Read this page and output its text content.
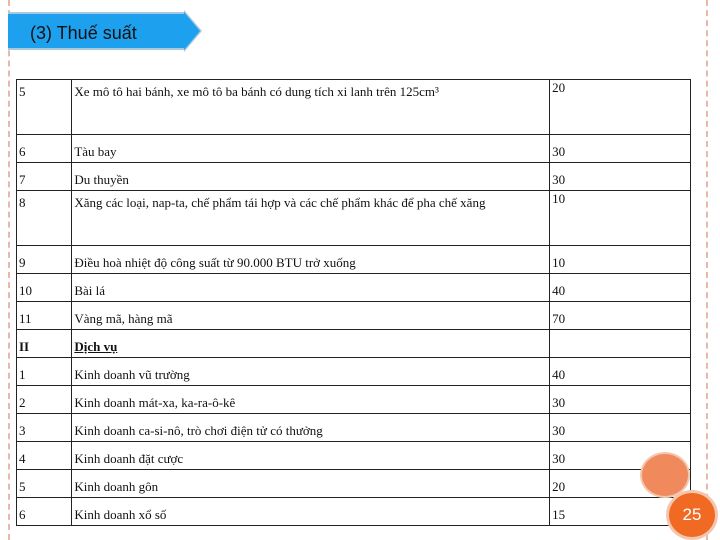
(3) Thuế suất
5	Xe mô tô hai bánh, xe mô tô ba bánh có dung tích xi lanh trên 125cm³	20
6	Tàu bay	30
7	Du thuyền	30
8	Xăng các loại, nap-ta, chế phẩm tái hợp và các chế phẩm khác để pha chế xăng	10
9	Điều hoà nhiệt độ công suất từ 90.000 BTU trở xuống	10
10	Bài lá	40
11	Vàng mã, hàng mã	70
II	Dịch vụ	
1	Kinh doanh vũ trường	40
2	Kinh doanh mát-xa, ka-ra-ô-kê	30
3	Kinh doanh ca-si-nô, trò chơi điện tử có thưởng	30
4	Kinh doanh đặt cược	30
5	Kinh doanh gôn	20
6	Kinh doanh xổ số	15	25
